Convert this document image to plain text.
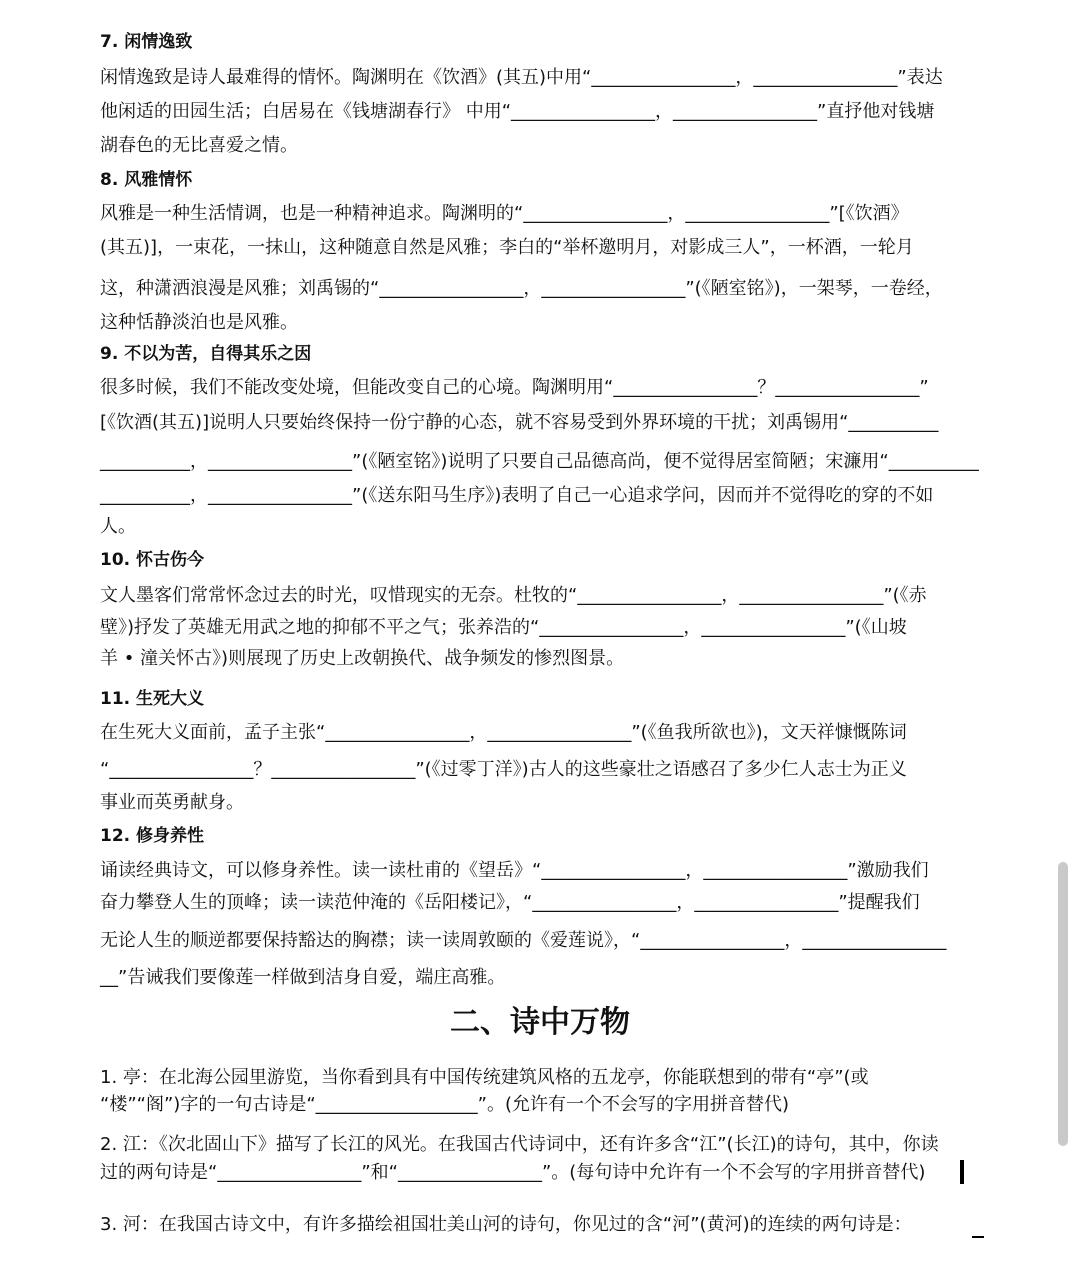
7. 闲情逸致
闲情逸致是诗人最难得的情怀。陶渊明在《饮酒》(其五)中用“________________，________________”表达
他闲适的田园生活；白居易在《钱塘湖春行》 中用“________________，________________”直抒他对钱塘
湖春色的无比喜爱之情。
8. 风雅情怀
风雅是一种生活情调，也是一种精神追求。陶渊明的“________________，________________”[《饮酒》
(其五)]，一束花，一抹山，这种随意自然是风雅；李白的“举杯邀明月，对影成三人”，一杯酒，一轮月
这，种潇洒浪漫是风雅；刘禹锡的“________________，________________”(《陋室铭》)，一架琴，一卷经，
这种恬静淡泊也是风雅。
9. 不以为苦，自得其乐之因
很多时候，我们不能改变处境，但能改变自己的心境。陶渊明用“________________？________________”
[《饮酒(其五)]说明人只要始终保持一份宁静的心态，就不容易受到外界环境的干扰；刘禹锡用“__________
__________，________________”(《陋室铭》)说明了只要自己品德高尚，便不觉得居室简陋；宋濂用“__________
__________，________________”(《送东阳马生序》)表明了自己一心追求学问，因而并不觉得吃的穿的不如
人。
10. 怀古伤今
文人墨客们常常怀念过去的时光，叹惜现实的无奈。杜牧的“________________，________________”(《赤
壁》)抒发了英雄无用武之地的抑郁不平之气；张养浩的“________________，________________”(《山坡
羊 • 潼关怀古》)则展现了历史上改朝换代、战争频发的惨烈图景。
11. 生死大义
在生死大义面前，孟子主张“________________，________________”(《鱼我所欲也》)，文天祥慷慨陈词
“________________？________________”(《过零丁洋》)古人的这些豪壮之语感召了多少仁人志士为正义
事业而英勇献身。
12. 修身养性
诵读经典诗文，可以修身养性。读一读杜甫的《望岳》“________________，________________”激励我们
奋力攀登人生的顶峰；读一读范仲淹的《岳阳楼记》，“________________，________________”提醒我们
无论人生的顺逆都要保持豁达的胸襟；读一读周敦颐的《爱莲说》，“________________，________________
__”告诫我们要像莲一样做到洁身自爱，端庄高雅。
二、诗中万物
1. 亭：在北海公园里游览，当你看到具有中国传统建筑风格的五龙亭，你能联想到的带有“亭”(或
“楼”“阁”)字的一句古诗是“__________________”。(允许有一个不会写的字用拼音替代)
2. 江：《次北固山下》描写了长江的风光。在我国古代诗词中，还有许多含“江”(长江)的诗句，其中，你读
过的两句诗是“________________”和“________________”。(每句诗中允许有一个不会写的字用拼音替代)
3. 河：在我国古诗文中，有许多描绘祖国壮美山河的诗句，你见过的含“河”(黄河)的连续的两句诗是：
